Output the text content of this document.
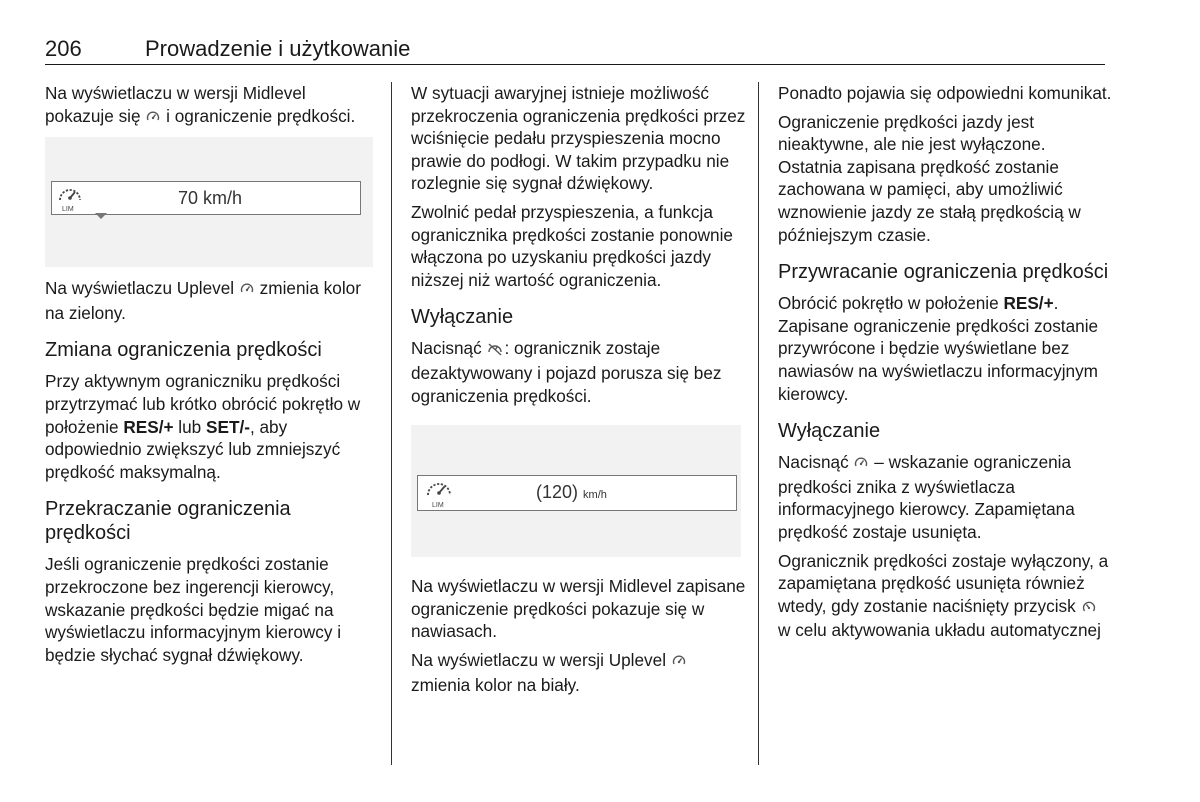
206	Prowadzenie i użytkowanie

Na wyświetlaczu w wersji Midlevel pokazuje się  i ograniczenie prędkości.

LIM
70 km/h

Na wyświetlaczu Uplevel  zmienia kolor na zielony.

Zmiana ograniczenia prędkości

Przy aktywnym ograniczniku prędkości przytrzymać lub krótko obrócić pokrętło w położenie RES/+ lub SET/-, aby odpowiednio zwiększyć lub zmniejszyć prędkość maksymalną.

Przekraczanie ograniczenia prędkości

Jeśli ograniczenie prędkości zostanie przekroczone bez ingerencji kierowcy, wskazanie prędkości będzie migać na wyświetlaczu informacyjnym kierowcy i będzie słychać sygnał dźwiękowy.

W sytuacji awaryjnej istnieje możliwość przekroczenia ograniczenia prędkości przez wciśnięcie pedału przyspieszenia mocno prawie do podłogi. W takim przypadku nie rozlegnie się sygnał dźwiękowy.

Zwolnić pedał przyspieszenia, a funkcja ogranicznika prędkości zostanie ponownie włączona po uzyskaniu prędkości jazdy niższej niż wartość ograniczenia.

Wyłączanie

Nacisnąć : ogranicznik zostaje dezaktywowany i pojazd porusza się bez ograniczenia prędkości.

LIM
(120) km/h

Na wyświetlaczu w wersji Midlevel zapisane ograniczenie prędkości pokazuje się w nawiasach.

Na wyświetlaczu w wersji Uplevel  zmienia kolor na biały.

Ponadto pojawia się odpowiedni komunikat.

Ograniczenie prędkości jazdy jest nieaktywne, ale nie jest wyłączone. Ostatnia zapisana prędkość zostanie zachowana w pamięci, aby umożliwić wznowienie jazdy ze stałą prędkością w późniejszym czasie.

Przywracanie ograniczenia prędkości

Obrócić pokrętło w położenie RES/+. Zapisane ograniczenie prędkości zostanie przywrócone i będzie wyświetlane bez nawiasów na wyświetlaczu informacyjnym kierowcy.

Wyłączanie

Nacisnąć  – wskazanie ograniczenia prędkości znika z wyświetlacza informacyjnego kierowcy. Zapamiętana prędkość zostaje usunięta.

Ogranicznik prędkości zostaje wyłączony, a zapamiętana prędkość usunięta również wtedy, gdy zostanie naciśnięty przycisk  w celu aktywowania układu automatycznej
